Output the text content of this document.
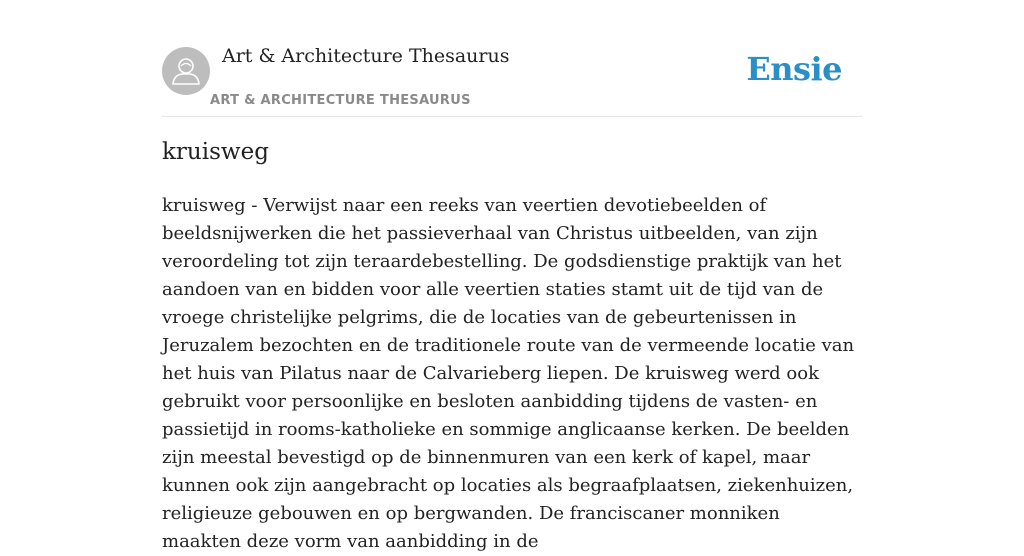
Art & Architecture Thesaurus
ART & ARCHITECTURE THESAURUS
Ensie
kruisweg

kruisweg - Verwijst naar een reeks van veertien devotiebeelden of beeldsnijwerken die het passieverhaal van Christus uitbeelden, van zijn veroordeling tot zijn teraardebestelling. De godsdienstige praktijk van het aandoen van en bidden voor alle veertien staties stamt uit de tijd van de vroege christelijke pelgrims, die de locaties van de gebeurtenissen in Jeruzalem bezochten en de traditionele route van de vermeende locatie van het huis van Pilatus naar de Calvarieberg liepen. De kruisweg werd ook gebruikt voor persoonlijke en besloten aanbidding tijdens de vasten- en passietijd in rooms-katholieke en sommige anglicaanse kerken. De beelden zijn meestal bevestigd op de binnenmuren van een kerk of kapel, maar kunnen ook zijn aangebracht op locaties als begraafplaatsen, ziekenhuizen, religieuze gebouwen en op bergwanden. De franciscaner monniken maakten deze vorm van aanbidding in de
